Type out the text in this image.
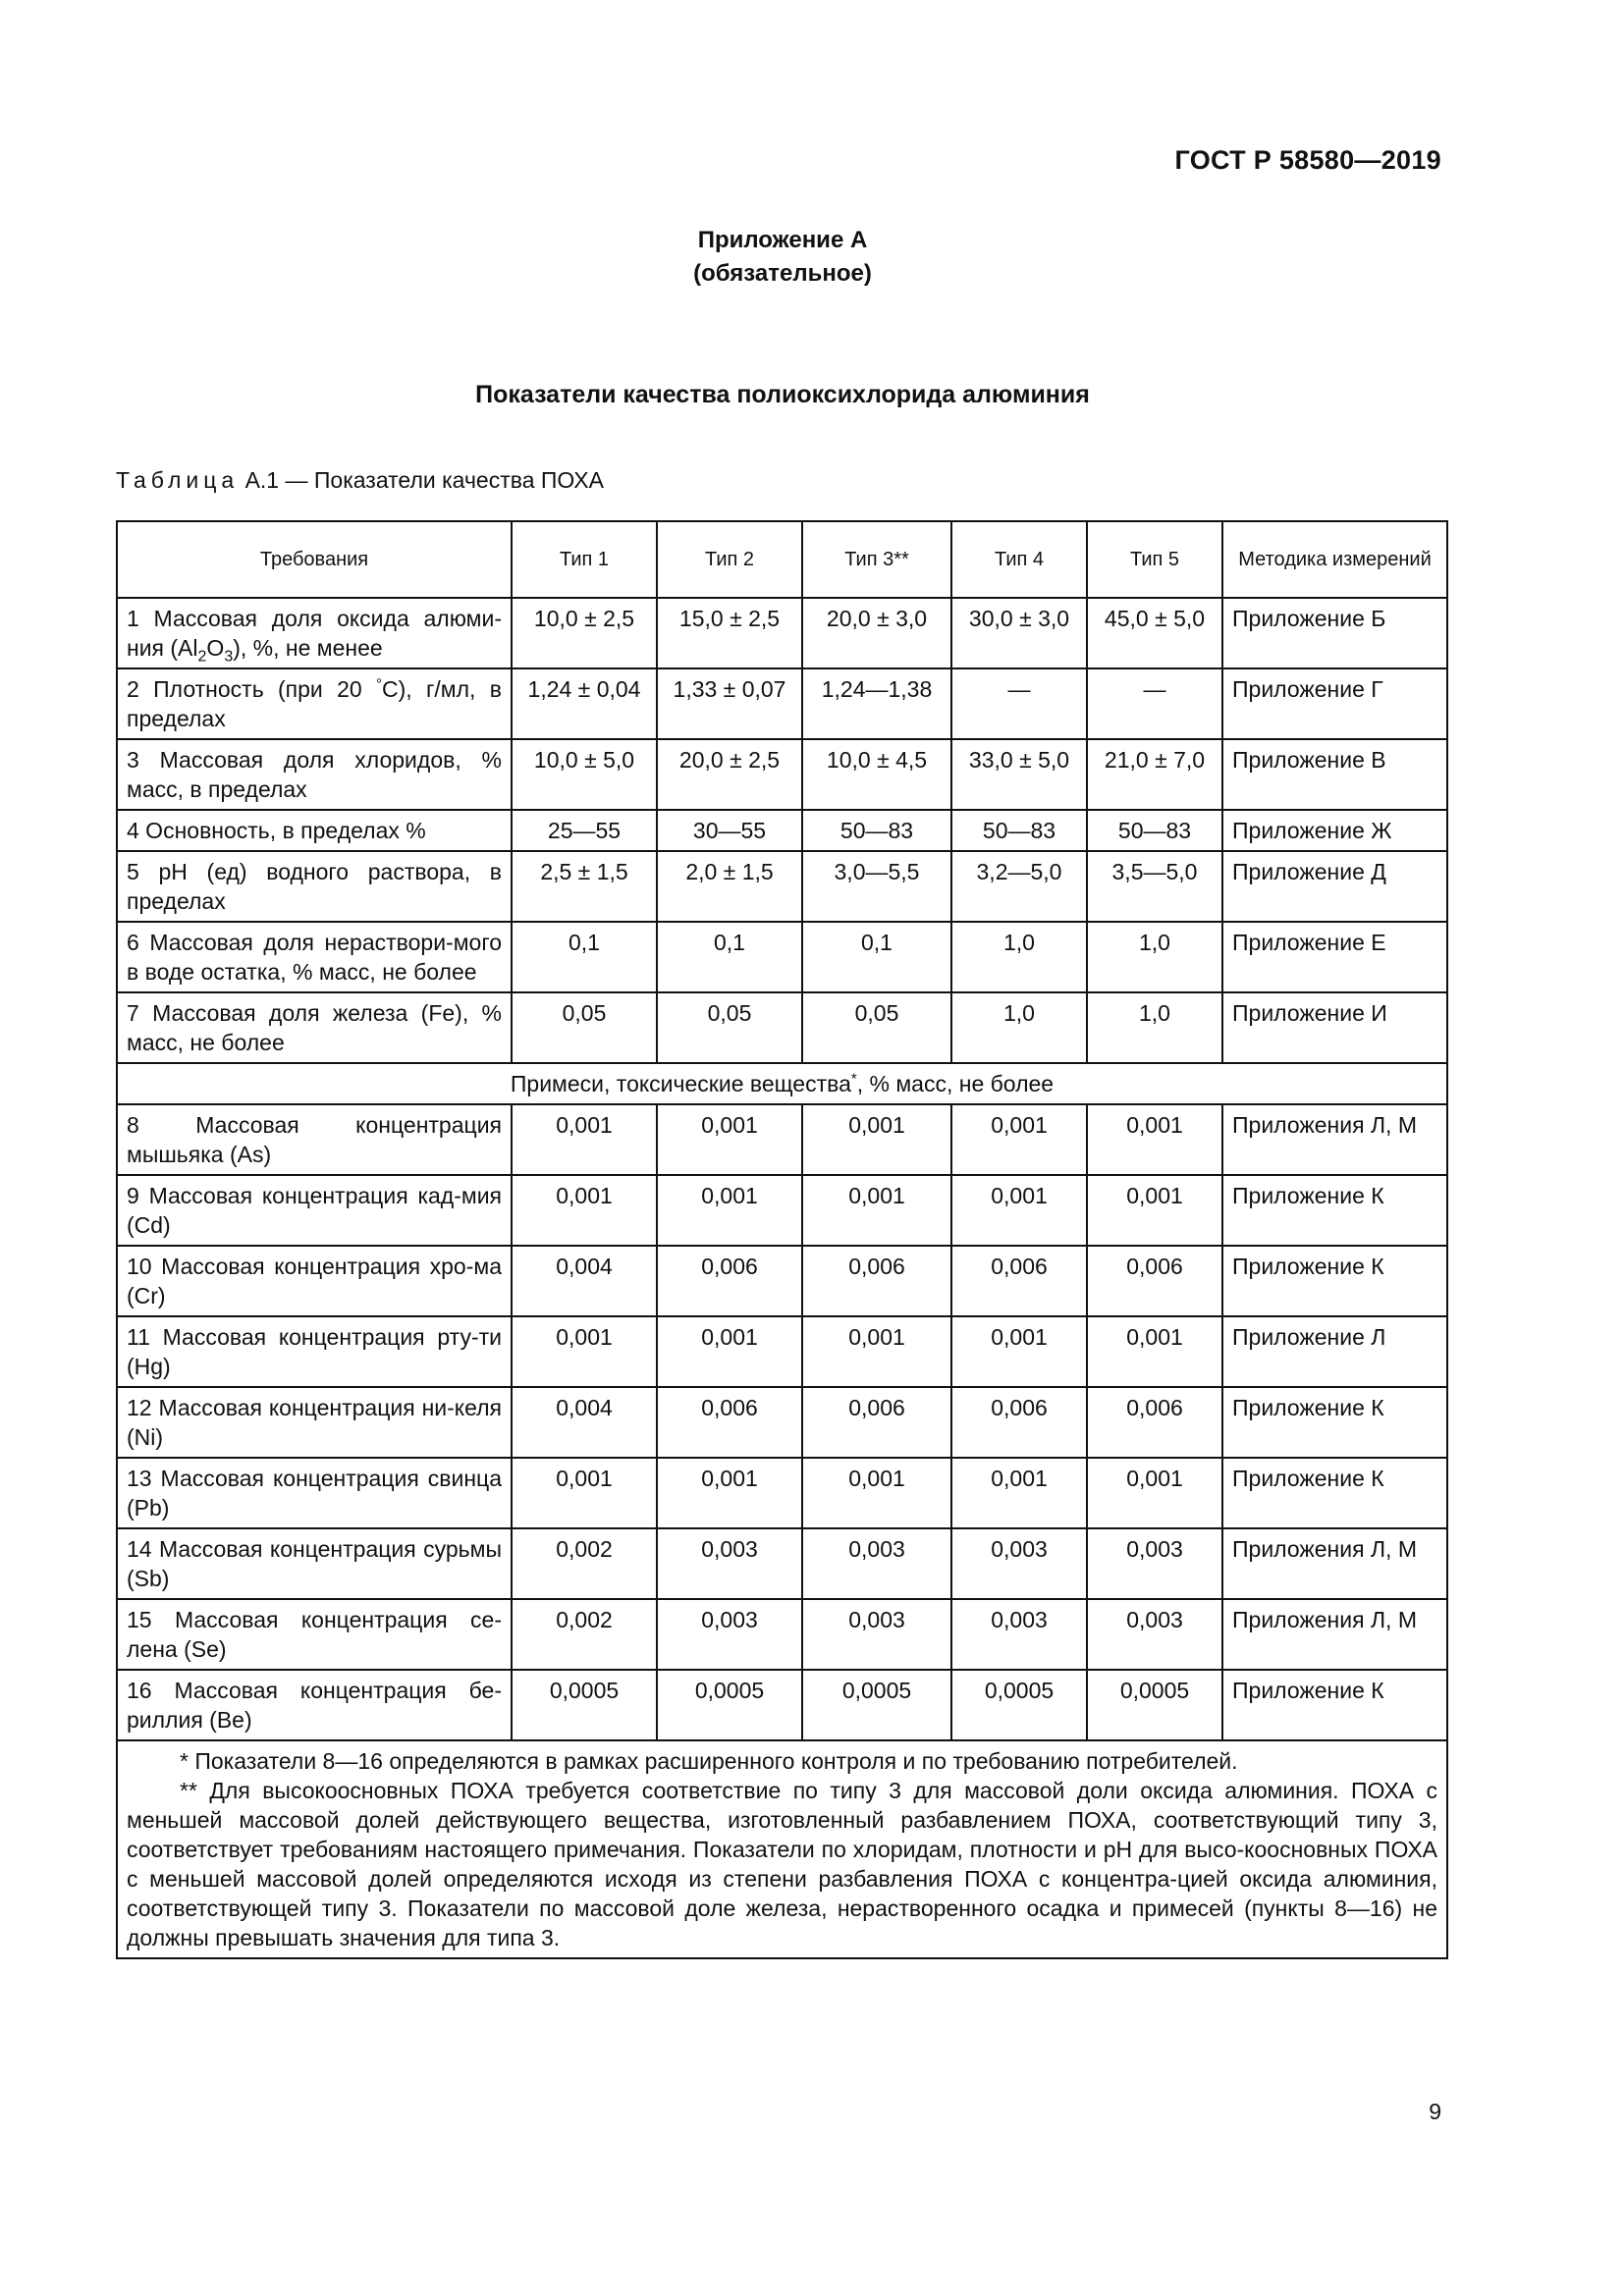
ГОСТ Р 58580—2019
Приложение А
(обязательное)
Показатели качества полиоксихлорида алюминия
Таблица А.1 — Показатели качества ПОХА
Требования	Тип 1	Тип 2	Тип 3**	Тип 4	Тип 5	Методика измерений
1 Массовая доля оксида алюми-ния $(Al_2O_3)$, %, не менее	10,0 ± 2,5	15,0 ± 2,5	20,0 ± 3,0	30,0 ± 3,0	45,0 ± 5,0	Приложение Б
2 Плотность (при 20 °С), г/мл, в пределах	1,24 ± 0,04	1,33 ± 0,07	1,24—1,38	—	—	Приложение Г
3 Массовая доля хлоридов, % масс, в пределах	10,0 ± 5,0	20,0 ± 2,5	10,0 ± 4,5	33,0 ± 5,0	21,0 ± 7,0	Приложение В
4 Основность, в пределах %	25—55	30—55	50—83	50—83	50—83	Приложение Ж
5 pH (ед) водного раствора, в пределах	2,5 ± 1,5	2,0 ± 1,5	3,0—5,5	3,2—5,0	3,5—5,0	Приложение Д
6 Массовая доля нераствори-мого в воде остатка, % масс, не более	0,1	0,1	0,1	1,0	1,0	Приложение Е
7 Массовая доля железа (Fe), % масс, не более	0,05	0,05	0,05	1,0	1,0	Приложение И
Примеси, токсические вещества*, % масс, не более						
8 Массовая концентрация мышьяка (As)	0,001	0,001	0,001	0,001	0,001	Приложения Л, М
9 Массовая концентрация кад-мия (Cd)	0,001	0,001	0,001	0,001	0,001	Приложение К
10 Массовая концентрация хро-ма (Cr)	0,004	0,006	0,006	0,006	0,006	Приложение К
11 Массовая концентрация рту-ти (Hg)	0,001	0,001	0,001	0,001	0,001	Приложение Л
12 Массовая концентрация ни-келя (Ni)	0,004	0,006	0,006	0,006	0,006	Приложение К
13 Массовая концентрация свинца (Pb)	0,001	0,001	0,001	0,001	0,001	Приложение К
14 Массовая концентрация сурьмы (Sb)	0,002	0,003	0,003	0,003	0,003	Приложения Л, М
15 Массовая концентрация се-лена (Se)	0,002	0,003	0,003	0,003	0,003	Приложения Л, М
16 Массовая концентрация бе-риллия (Be)	0,0005	0,0005	0,0005	0,0005	0,0005	Приложение К

* Показатели 8—16 определяются в рамках расширенного контроля и по требованию потребителей.

** Для высокоосновных ПОХА требуется соответствие по типу 3 для массовой доли оксида алюминия. ПОХА с меньшей массовой долей действующего вещества, изготовленный разбавлением ПОХА, соответствующий типу 3, соответствует требованиям настоящего примечания. Показатели по хлоридам, плотности и pH для высо-коосновных ПОХА с меньшей массовой долей определяются исходя из степени разбавления ПОХА с концентра-цией оксида алюминия, соответствующей типу 3. Показатели по массовой доле железа, нерастворенного осадка и примесей (пункты 8—16) не должны превышать значения для типа 3.						

9
